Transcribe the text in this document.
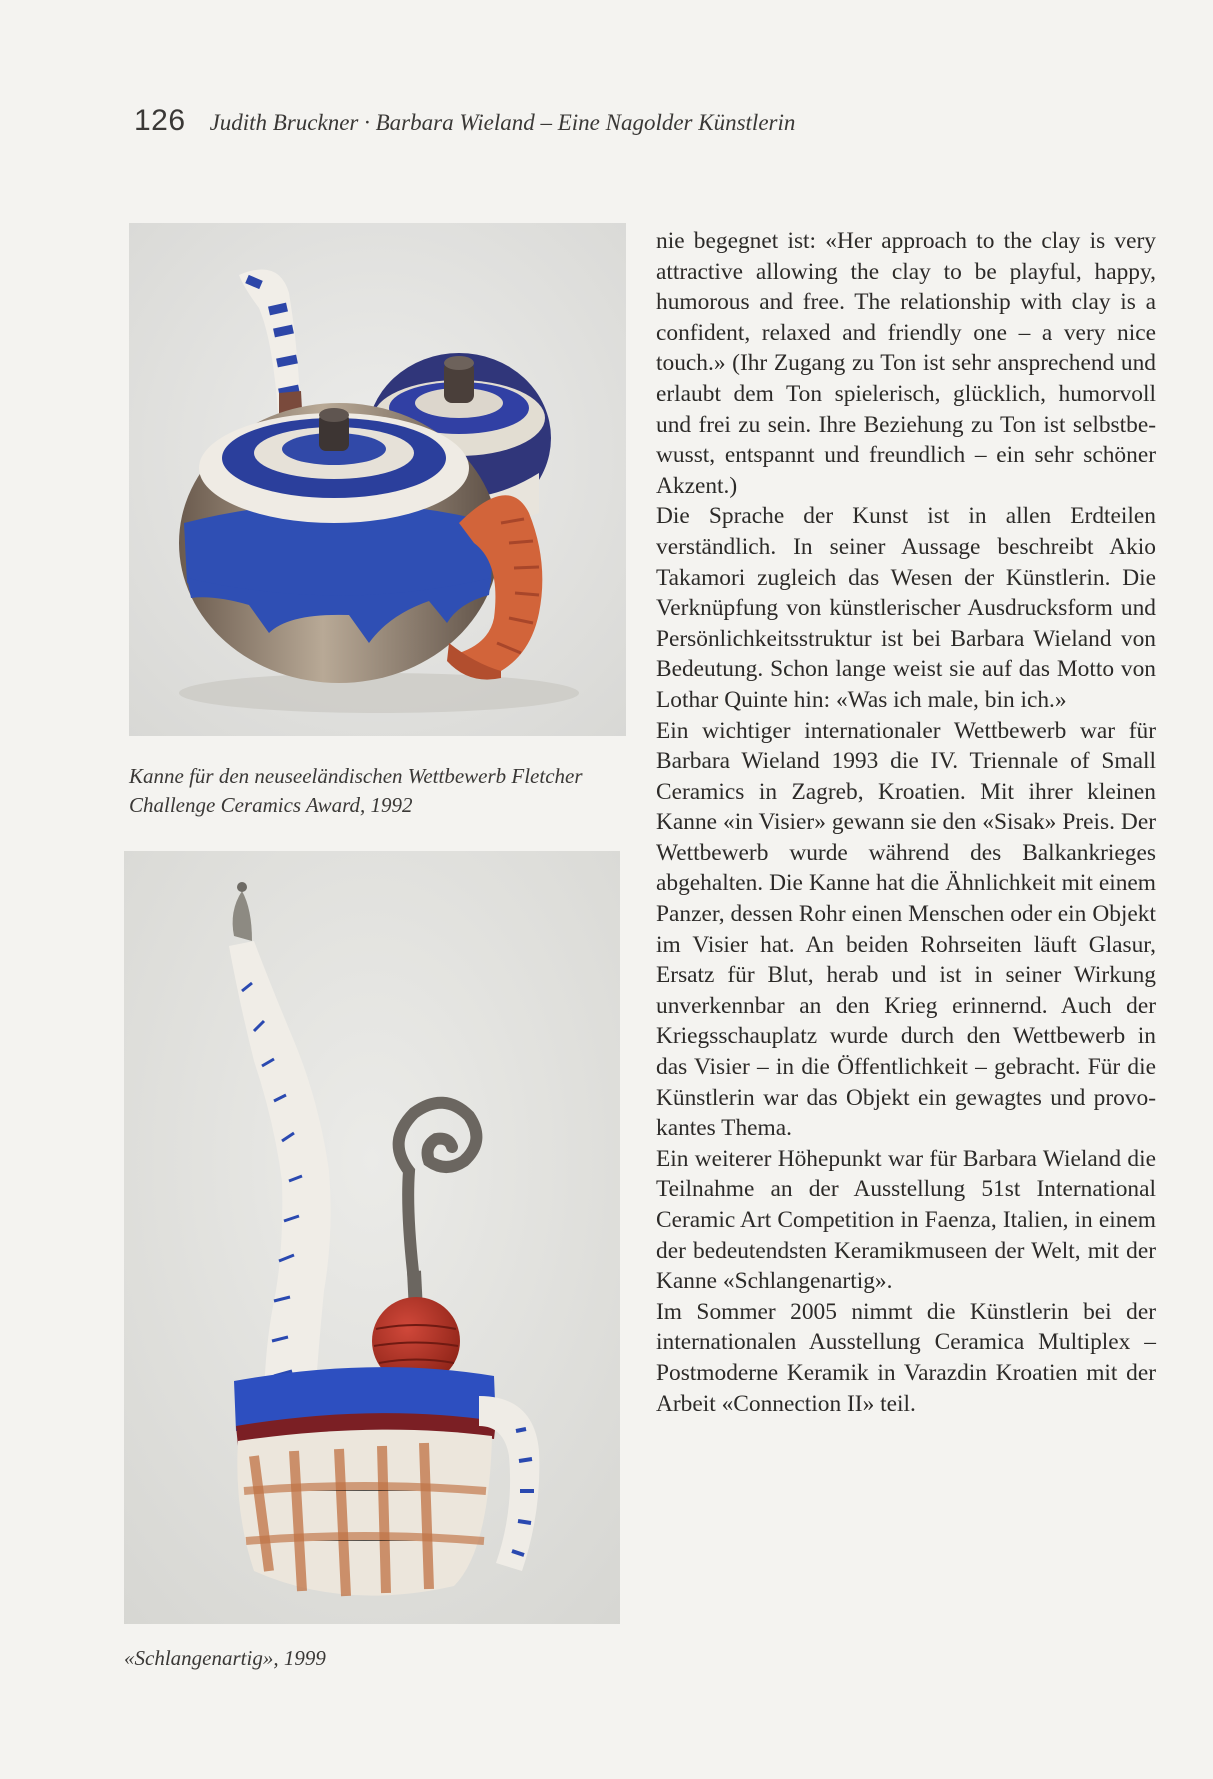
126 Judith Bruckner · Barbara Wieland – Eine Nagolder Künstlerin
Kanne für den neuseeländischen Wettbewerb Fletcher Challenge Ceramics Award, 1992
«Schlangenartig», 1999

nie begegnet ist: «Her approach to the clay is very attractive allowing the clay to be playful, happy, humorous and free. The relationship with clay is a confident, relaxed and friendly one – a very nice touch.» (Ihr Zugang zu Ton ist sehr ansprechend und erlaubt dem Ton spielerisch, glücklich, humorvoll und frei zu sein. Ihre Beziehung zu Ton ist selbstbewusst, entspannt und freundlich – ein sehr schöner Akzent.)

Die Sprache der Kunst ist in allen Erdteilen verständlich. In seiner Aussage beschreibt Akio Takamori zugleich das Wesen der Künstlerin. Die Verknüpfung von künstlerischer Ausdrucksform und Persönlichkeitsstruktur ist bei Barbara Wieland von Bedeutung. Schon lange weist sie auf das Motto von Lothar Quinte hin: «Was ich male, bin ich.»

Ein wichtiger internationaler Wettbewerb war für Barbara Wieland 1993 die IV. Triennale of Small Ceramics in Zagreb, Kroatien. Mit ihrer kleinen Kanne «in Visier» gewann sie den «Sisak» Preis. Der Wettbewerb wurde während des Balkankrieges abgehalten. Die Kanne hat die Ähnlichkeit mit einem Panzer, dessen Rohr einen Menschen oder ein Objekt im Visier hat. An beiden Rohrseiten läuft Glasur, Ersatz für Blut, herab und ist in seiner Wirkung unverkennbar an den Krieg erinnernd. Auch der Kriegsschauplatz wurde durch den Wettbewerb in das Visier – in die Öffentlichkeit – gebracht. Für die Künstlerin war das Objekt ein gewagtes und provokantes Thema.

Ein weiterer Höhepunkt war für Barbara Wieland die Teilnahme an der Ausstellung 51st International Ceramic Art Competition in Faenza, Italien, in einem der bedeutendsten Keramikmuseen der Welt, mit der Kanne «Schlangenartig».

Im Sommer 2005 nimmt die Künstlerin bei der internationalen Ausstellung Ceramica Multiplex – Postmoderne Keramik in Varazdin Kroatien mit der Arbeit «Connection II» teil.
